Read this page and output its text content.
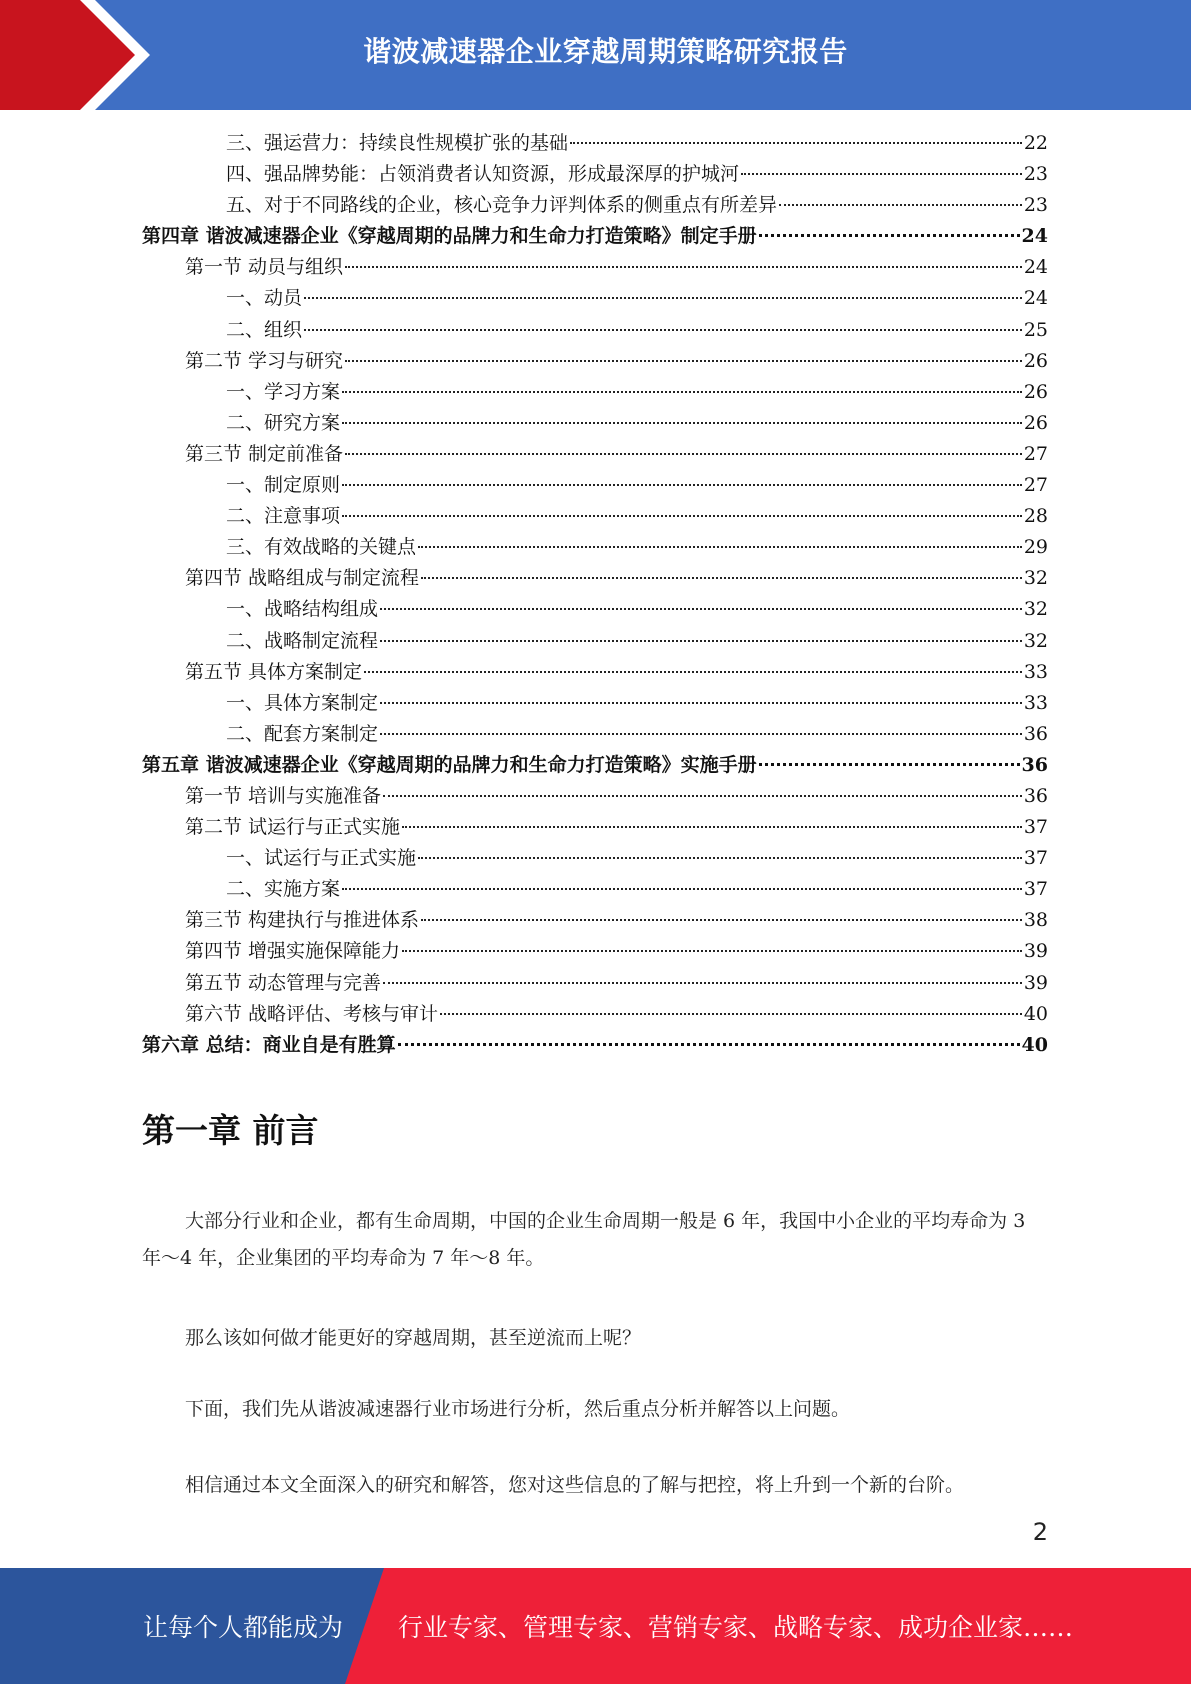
谐波减速器企业穿越周期策略研究报告
三、强运营力：持续良性规模扩张的基础	22
四、强品牌势能：占领消费者认知资源，形成最深厚的护城河	23
五、对于不同路线的企业，核心竞争力评判体系的侧重点有所差异	23
第四章 谐波减速器企业《穿越周期的品牌力和生命力打造策略》制定手册	24
第一节 动员与组织	24
一、动员	24
二、组织	25
第二节 学习与研究	26
一、学习方案	26
二、研究方案	26
第三节 制定前准备	27
一、制定原则	27
二、注意事项	28
三、有效战略的关键点	29
第四节 战略组成与制定流程	32
一、战略结构组成	32
二、战略制定流程	32
第五节 具体方案制定	33
一、具体方案制定	33
二、配套方案制定	36
第五章 谐波减速器企业《穿越周期的品牌力和生命力打造策略》实施手册	36
第一节 培训与实施准备	36
第二节 试运行与正式实施	37
一、试运行与正式实施	37
二、实施方案	37
第三节 构建执行与推进体系	38
第四节 增强实施保障能力	39
第五节 动态管理与完善	39
第六节 战略评估、考核与审计	40
第六章 总结：商业自是有胜算	40
第一章 前言
大部分行业和企业，都有生命周期，中国的企业生命周期一般是 6 年，我国中小企业的平均寿命为 3 年～4 年，企业集团的平均寿命为 7 年～8 年。
那么该如何做才能更好的穿越周期，甚至逆流而上呢？
下面，我们先从谐波减速器行业市场进行分析，然后重点分析并解答以上问题。
相信通过本文全面深入的研究和解答，您对这些信息的了解与把控，将上升到一个新的台阶。
2
让每个人都能成为 行业专家、管理专家、营销专家、战略专家、成功企业家……
